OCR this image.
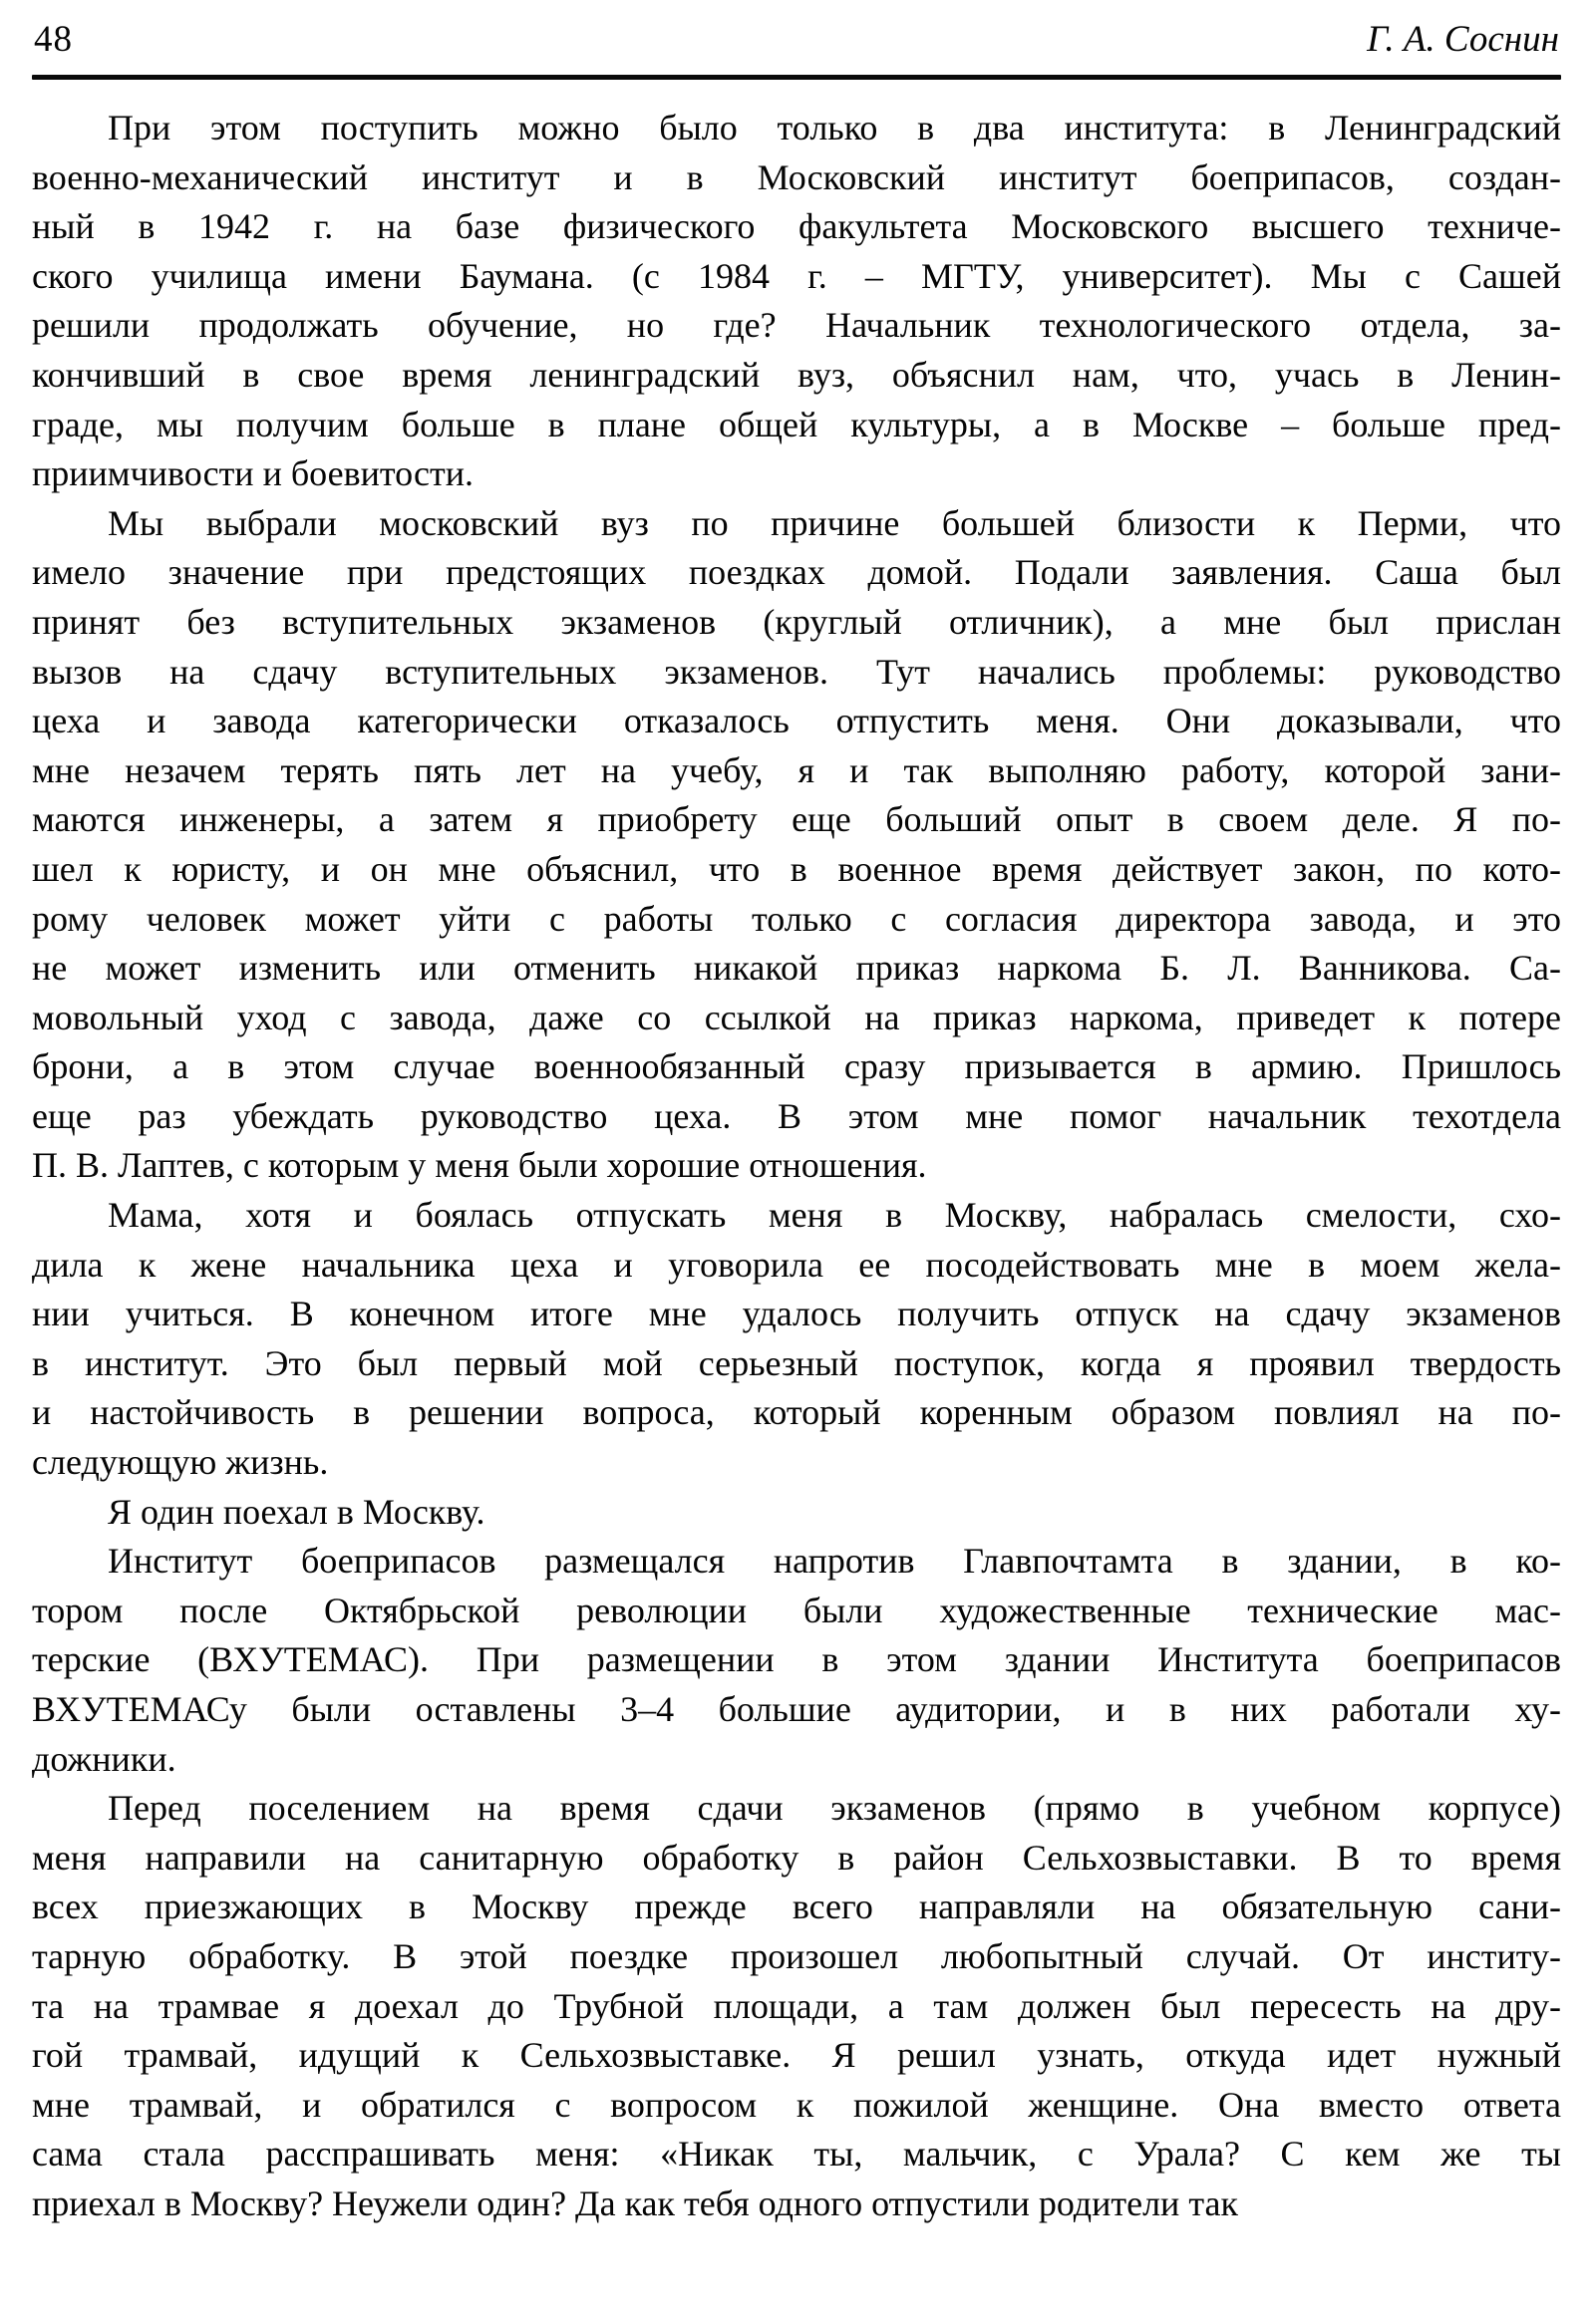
48	Г. А. Соснин
При этом поступить можно было только в два института: в Ленинградский
военно-механический институт и в Московский институт боеприпасов, создан-
ный в 1942 г. на базе физического факультета Московского высшего техниче-
ского училища имени Баумана. (с 1984 г. – МГТУ, университет). Мы с Сашей
решили продолжать обучение, но где? Начальник технологического отдела, за-
кончивший в свое время ленинградский вуз, объяснил нам, что, учась в Ленин-
граде, мы получим больше в плане общей культуры, а в Москве – больше пред-
приимчивости и боевитости.
Мы выбрали московский вуз по причине большей близости к Перми, что
имело значение при предстоящих поездках домой. Подали заявления. Саша был
принят без вступительных экзаменов (круглый отличник), а мне был прислан
вызов на сдачу вступительных экзаменов. Тут начались проблемы: руководство
цеха и завода категорически отказалось отпустить меня. Они доказывали, что
мне незачем терять пять лет на учебу, я и так выполняю работу, которой зани-
маются инженеры, а затем я приобрету еще больший опыт в своем деле. Я по-
шел к юристу, и он мне объяснил, что в военное время действует закон, по кото-
рому человек может уйти с работы только с согласия директора завода, и это
не может изменить или отменить никакой приказ наркома Б. Л. Ванникова. Са-
мовольный уход с завода, даже со ссылкой на приказ наркома, приведет к потере
брони, а в этом случае военнообязанный сразу призывается в армию. Пришлось
еще раз убеждать руководство цеха. В этом мне помог начальник техотдела
П. В. Лаптев, с которым у меня были хорошие отношения.
Мама, хотя и боялась отпускать меня в Москву, набралась смелости, схо-
дила к жене начальника цеха и уговорила ее посодействовать мне в моем жела-
нии учиться. В конечном итоге мне удалось получить отпуск на сдачу экзаменов
в институт. Это был первый мой серьезный поступок, когда я проявил твердость
и настойчивость в решении вопроса, который коренным образом повлиял на по-
следующую жизнь.
Я один поехал в Москву.
Институт боеприпасов размещался напротив Главпочтамта в здании, в ко-
тором после Октябрьской революции были художественные технические мас-
терские (ВХУТЕМАС). При размещении в этом здании Института боеприпасов
ВХУТЕМАСу были оставлены 3–4 большие аудитории, и в них работали ху-
дожники.
Перед поселением на время сдачи экзаменов (прямо в учебном корпусе)
меня направили на санитарную обработку в район Сельхозвыставки. В то время
всех приезжающих в Москву прежде всего направляли на обязательную сани-
тарную обработку. В этой поездке произошел любопытный случай. От институ-
та на трамвае я доехал до Трубной площади, а там должен был пересесть на дру-
гой трамвай, идущий к Сельхозвыставке. Я решил узнать, откуда идет нужный
мне трамвай, и обратился с вопросом к пожилой женщине. Она вместо ответа
сама стала расспрашивать меня: «Никак ты, мальчик, с Урала? С кем же ты
приехал в Москву? Неужели один? Да как тебя одного отпустили родители так
